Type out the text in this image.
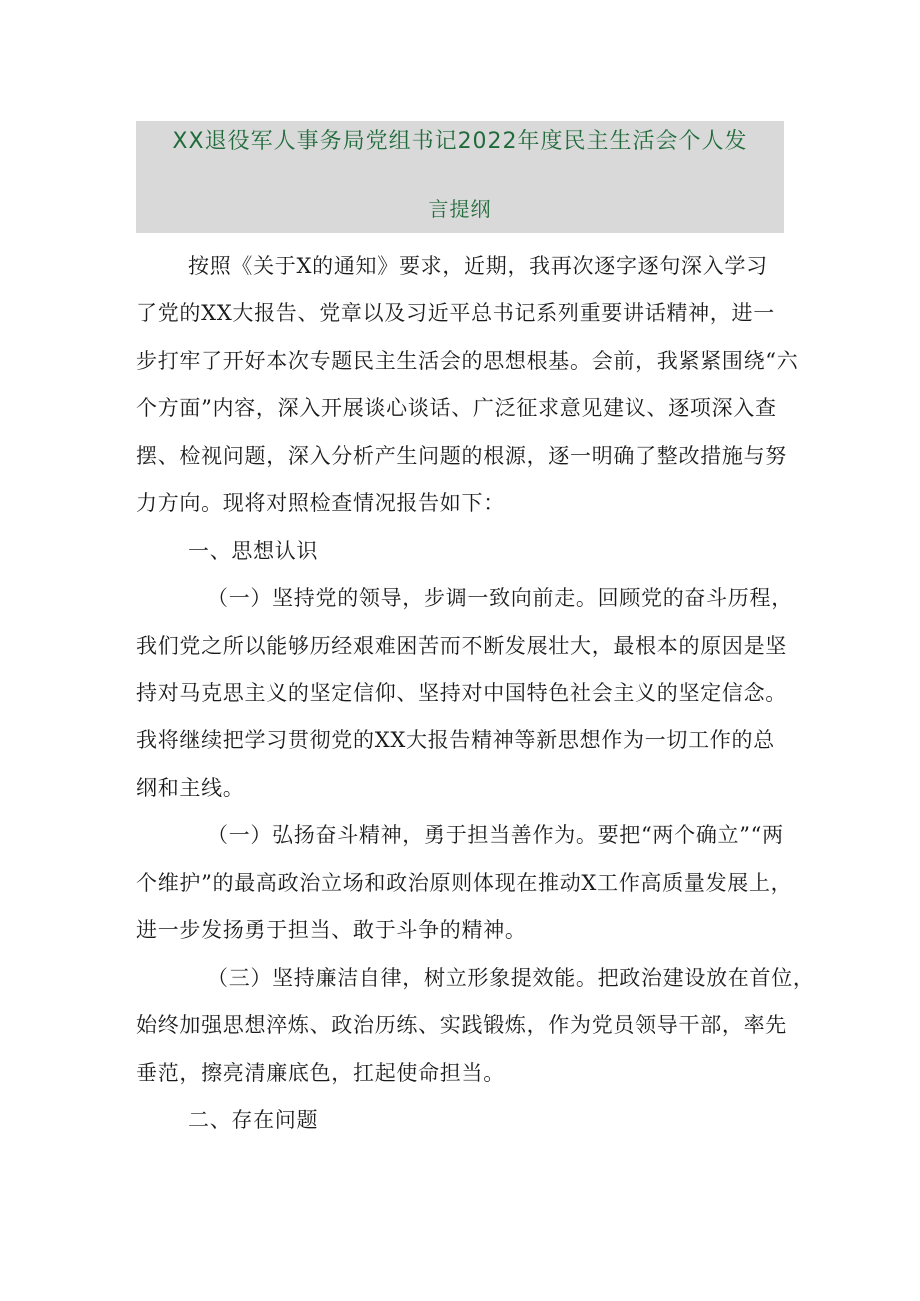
XX退役军人事务局党组书记2022年度民主生活会个人发
言提纲
按照《关于X的通知》要求，近期，我再次逐字逐句深入学习
了党的XX大报告、党章以及习近平总书记系列重要讲话精神，进一
步打牢了开好本次专题民主生活会的思想根基。会前，我紧紧围绕“六
个方面”内容，深入开展谈心谈话、广泛征求意见建议、逐项深入查
摆、检视问题，深入分析产生问题的根源，逐一明确了整改措施与努
力方向。现将对照检查情况报告如下：
一、思想认识
（一）坚持党的领导，步调一致向前走。回顾党的奋斗历程，
我们党之所以能够历经艰难困苦而不断发展壮大，最根本的原因是坚
持对马克思主义的坚定信仰、坚持对中国特色社会主义的坚定信念。
我将继续把学习贯彻党的XX大报告精神等新思想作为一切工作的总
纲和主线。
（一）弘扬奋斗精神，勇于担当善作为。要把“两个确立”“两
个维护”的最高政治立场和政治原则体现在推动X工作高质量发展上，
进一步发扬勇于担当、敢于斗争的精神。
（三）坚持廉洁自律，树立形象提效能。把政治建设放在首位，
始终加强思想淬炼、政治历练、实践锻炼，作为党员领导干部，率先
垂范，擦亮清廉底色，扛起使命担当。
二、存在问题
